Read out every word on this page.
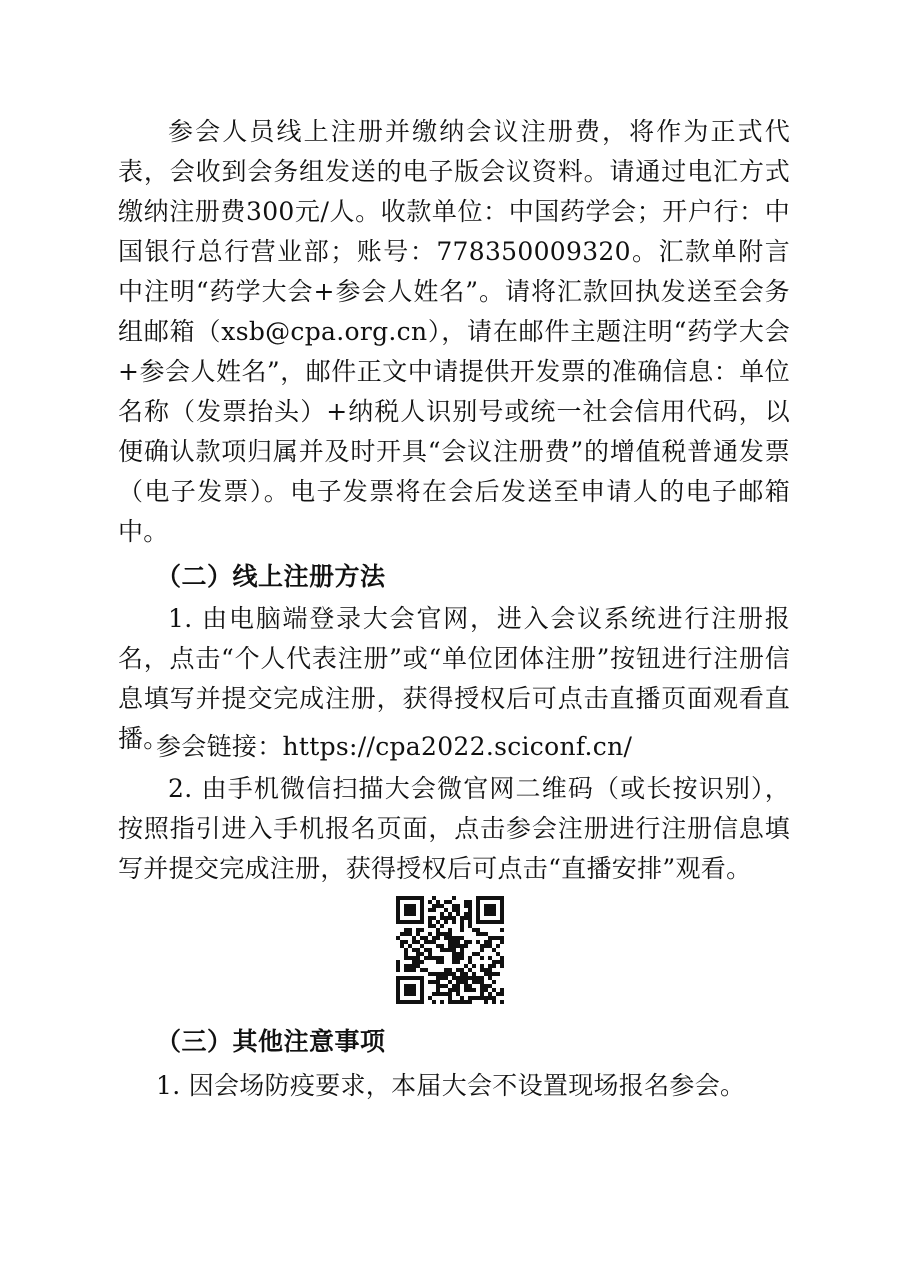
参会人员线上注册并缴纳会议注册费，将作为正式代表，会收到会务组发送的电子版会议资料。请通过电汇方式缴纳注册费300元/人。收款单位：中国药学会；开户行：中国银行总行营业部；账号：778350009320。汇款单附言中注明“药学大会+参会人姓名”。请将汇款回执发送至会务组邮箱（xsb@cpa.org.cn），请在邮件主题注明“药学大会+参会人姓名”，邮件正文中请提供开发票的准确信息：单位名称（发票抬头）+纳税人识别号或统一社会信用代码，以便确认款项归属并及时开具“会议注册费”的增值税普通发票（电子发票）。电子发票将在会后发送至申请人的电子邮箱中。

（二）线上注册方法

1. 由电脑端登录大会官网，进入会议系统进行注册报名，点击“个人代表注册”或“单位团体注册”按钮进行注册信息填写并提交完成注册，获得授权后可点击直播页面观看直播。

参会链接：https://cpa2022.sciconf.cn/

2. 由手机微信扫描大会微官网二维码（或长按识别），按照指引进入手机报名页面，点击参会注册进行注册信息填写并提交完成注册，获得授权后可点击“直播安排”观看。

（三）其他注意事项

1. 因会场防疫要求，本届大会不设置现场报名参会。
